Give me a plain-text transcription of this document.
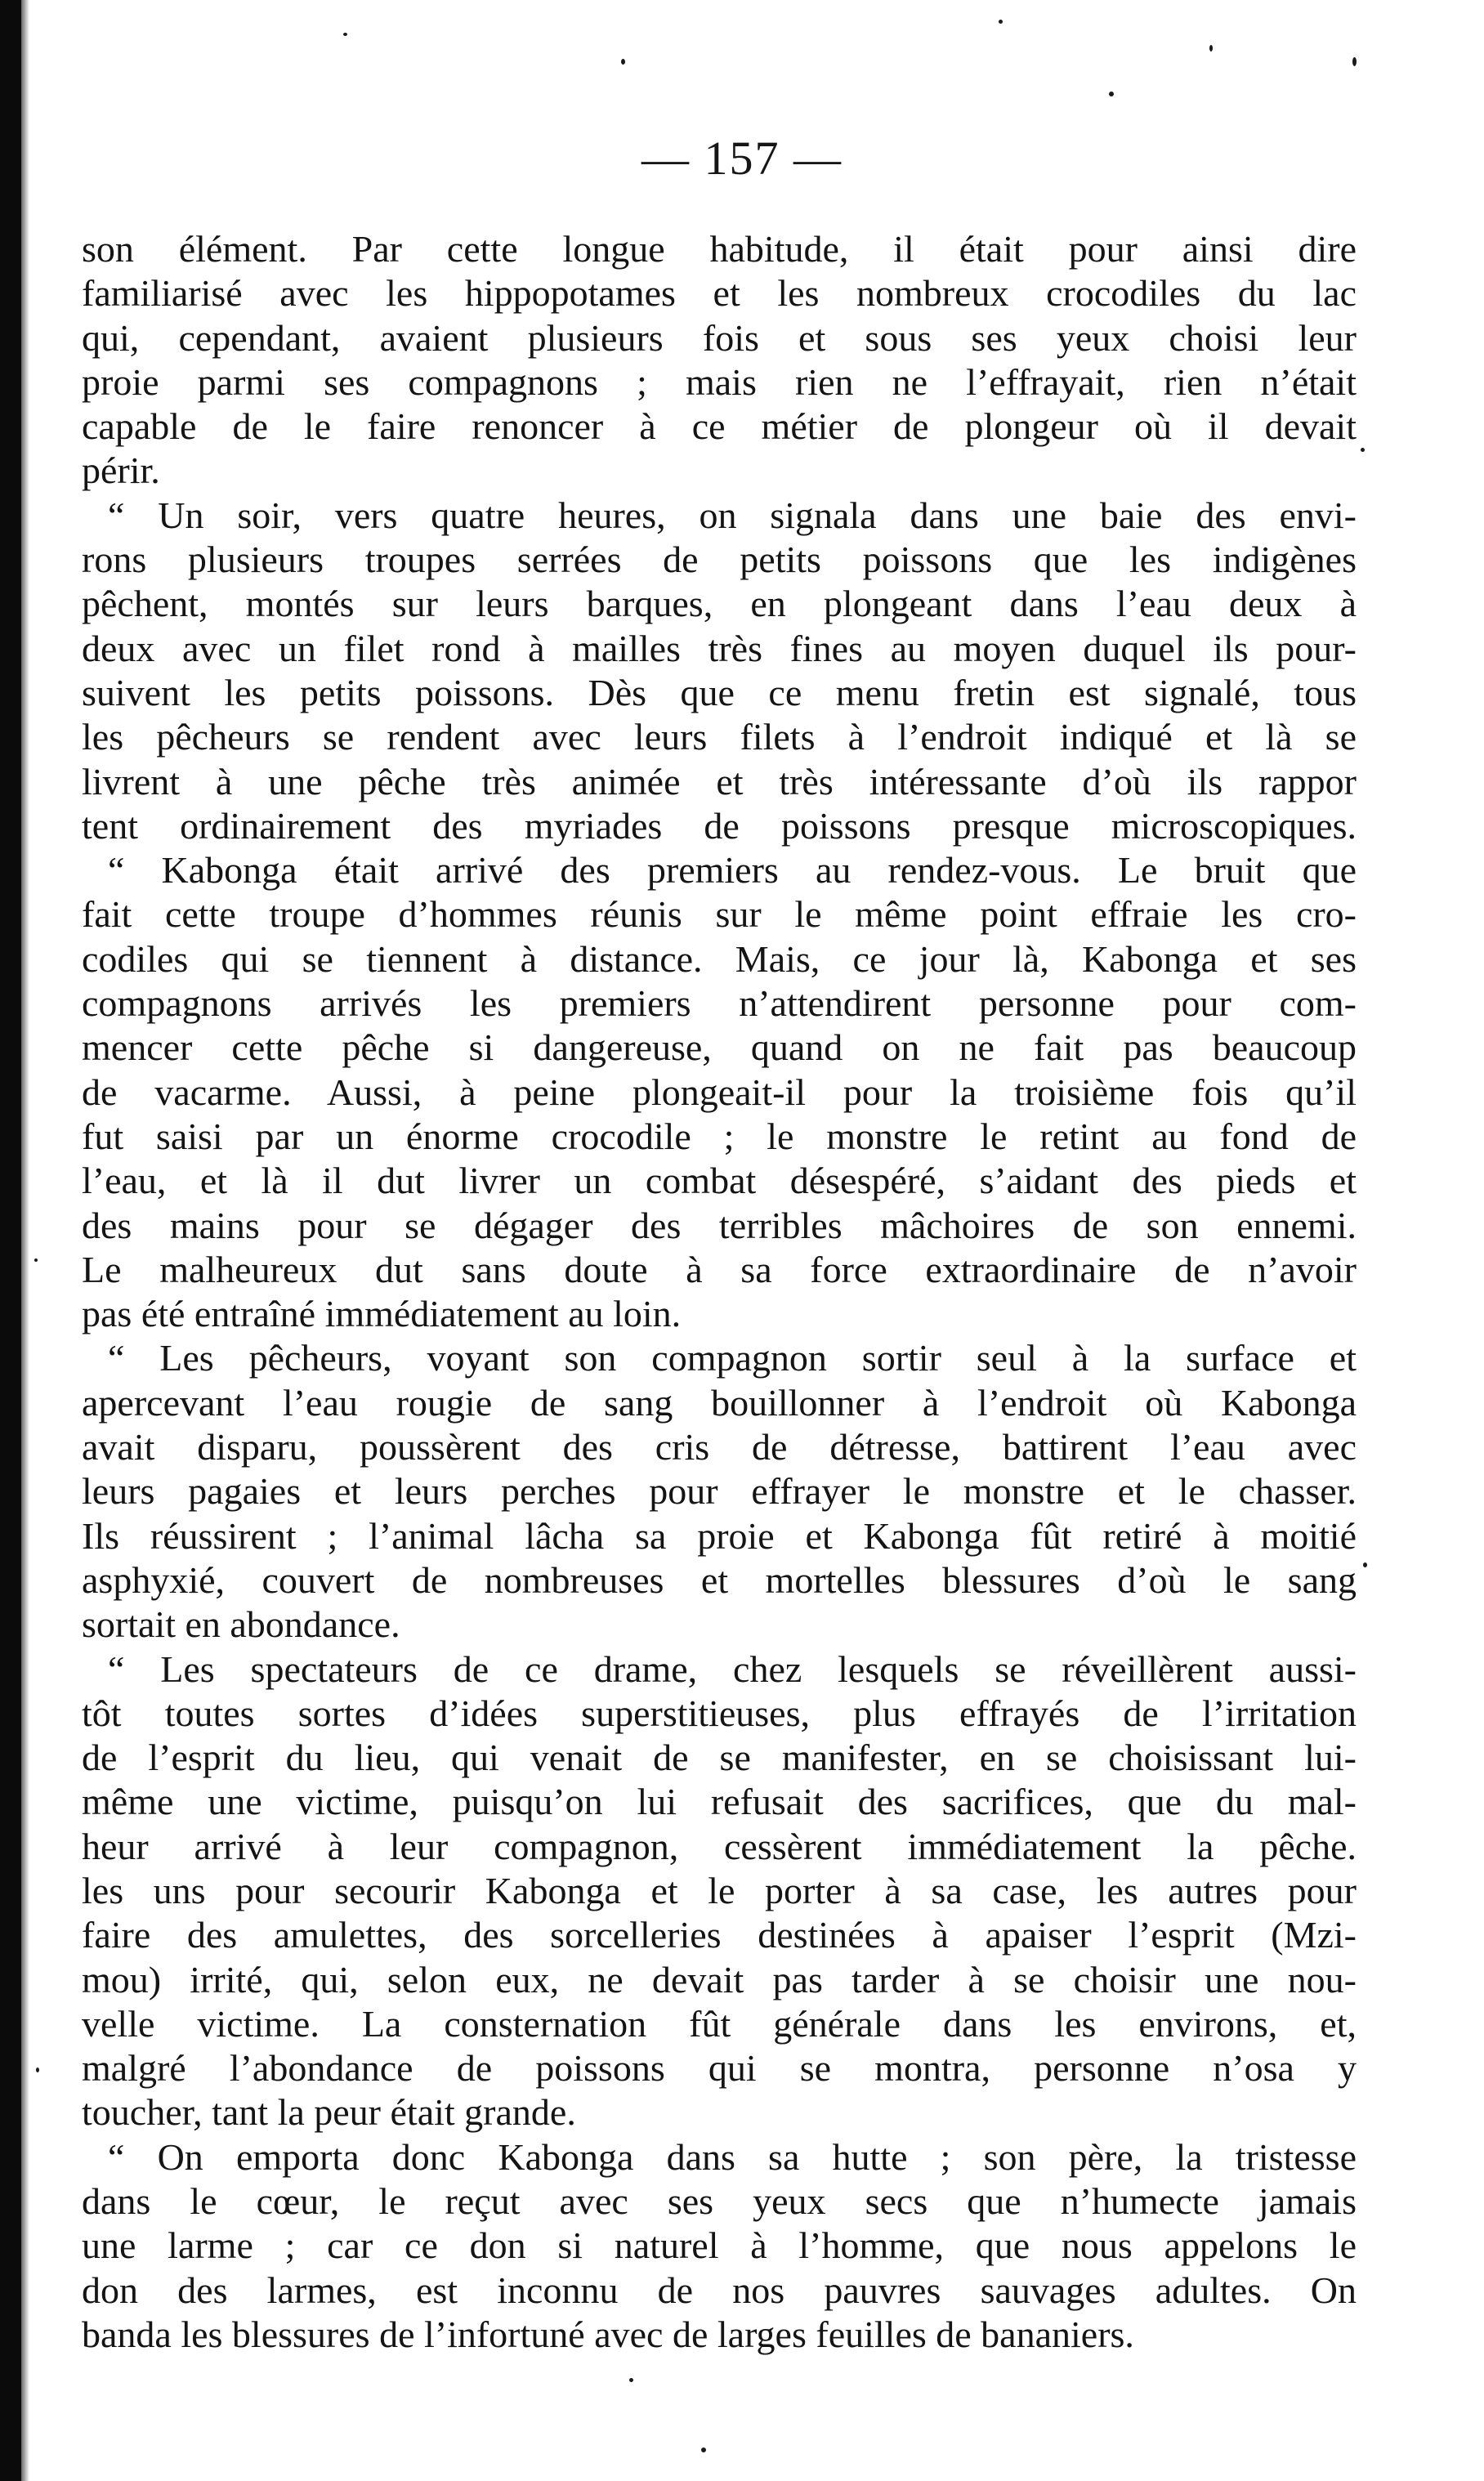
— 157 —
son élément. Par cette longue habitude, il était pour ainsi dire
familiarisé avec les hippopotames et les nombreux crocodiles du lac
qui, cependant, avaient plusieurs fois et sous ses yeux choisi leur
proie parmi ses compagnons ; mais rien ne l’effrayait, rien n’était
capable de le faire renoncer à ce métier de plongeur où il devait
périr.
“ Un soir, vers quatre heures, on signala dans une baie des envi-
rons plusieurs troupes serrées de petits poissons que les indigènes
pêchent, montés sur leurs barques, en plongeant dans l’eau deux à
deux avec un filet rond à mailles très fines au moyen duquel ils pour-
suivent les petits poissons. Dès que ce menu fretin est signalé, tous
les pêcheurs se rendent avec leurs filets à l’endroit indiqué et là se
livrent à une pêche très animée et très intéressante d’où ils rappor
tent ordinairement des myriades de poissons presque microscopiques.
“ Kabonga était arrivé des premiers au rendez-vous. Le bruit que
fait cette troupe d’hommes réunis sur le même point effraie les cro-
codiles qui se tiennent à distance. Mais, ce jour là, Kabonga et ses
compagnons arrivés les premiers n’attendirent personne pour com-
mencer cette pêche si dangereuse, quand on ne fait pas beaucoup
de vacarme. Aussi, à peine plongeait-il pour la troisième fois qu’il
fut saisi par un énorme crocodile ; le monstre le retint au fond de
l’eau, et là il dut livrer un combat désespéré, s’aidant des pieds et
des mains pour se dégager des terribles mâchoires de son ennemi.
Le malheureux dut sans doute à sa force extraordinaire de n’avoir
pas été entraîné immédiatement au loin.
“ Les pêcheurs, voyant son compagnon sortir seul à la surface et
apercevant l’eau rougie de sang bouillonner à l’endroit où Kabonga
avait disparu, poussèrent des cris de détresse, battirent l’eau avec
leurs pagaies et leurs perches pour effrayer le monstre et le chasser.
Ils réussirent ; l’animal lâcha sa proie et Kabonga fût retiré à moitié
asphyxié, couvert de nombreuses et mortelles blessures d’où le sang
sortait en abondance.
“ Les spectateurs de ce drame, chez lesquels se réveillèrent aussi-
tôt toutes sortes d’idées superstitieuses, plus effrayés de l’irritation
de l’esprit du lieu, qui venait de se manifester, en se choisissant lui-
même une victime, puisqu’on lui refusait des sacrifices, que du mal-
heur arrivé à leur compagnon, cessèrent immédiatement la pêche.
les uns pour secourir Kabonga et le porter à sa case, les autres pour
faire des amulettes, des sorcelleries destinées à apaiser l’esprit (Mzi-
mou) irrité, qui, selon eux, ne devait pas tarder à se choisir une nou-
velle victime. La consternation fût générale dans les environs, et,
malgré l’abondance de poissons qui se montra, personne n’osa y
toucher, tant la peur était grande.
“ On emporta donc Kabonga dans sa hutte ; son père, la tristesse
dans le cœur, le reçut avec ses yeux secs que n’humecte jamais
une larme ; car ce don si naturel à l’homme, que nous appelons le
don des larmes, est inconnu de nos pauvres sauvages adultes. On
banda les blessures de l’infortuné avec de larges feuilles de bananiers.
